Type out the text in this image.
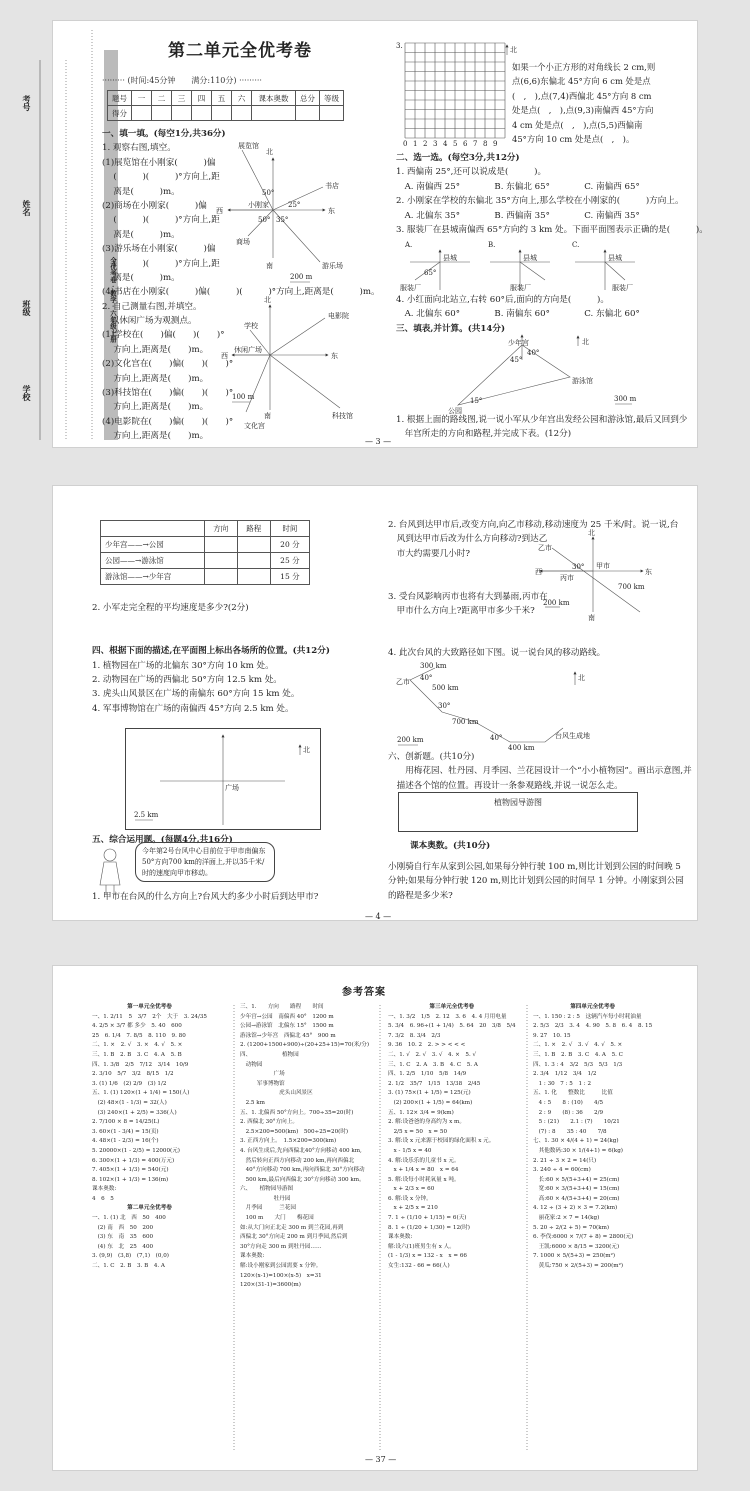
考号
姓名
班级
学校
全优考卷 · 数学 · 六年级上册
第二单元全优考卷
········· (时间:45分钟　　满分:110分) ·········
题号	一	二	三	四	五	六	课本奥数	总分	等级
得分									
一、填一填。(每空1分,共36分)
1. 观察右图,填空。
(1)展览馆在小刚家(　　　)偏
　 (　　　)(　　　)°方向上,距
　 离是(　　　)m。
(2)商场在小刚家(　　　)偏
　 (　　　)(　　　)°方向上,距
　 离是(　　　)m。
(3)游乐场在小刚家(　　　)偏
　 (　　　)(　　　)°方向上,距
　 离是(　　　)m。
(4)书店在小刚家(　　　)偏(　　　)(　　　)°方向上,距离是(　　　)m。
2. 自己测量右图,并填空。
　以休闲广场为观测点。
(1)学校在(　　)偏(　　)(　　)°
　 方向上,距离是(　　)m。
(2)文化宫在(　　)偏(　　)(　　)°
　 方向上,距离是(　　)m。
(3)科技馆在(　　)偏(　　)(　　)°
　 方向上,距离是(　　)m。
(4)电影院在(　　)偏(　　)(　　)°
　 方向上,距离是(　　)m。
如果一个小正方形的对角线长 2 cm,则
点(6,6)东偏北 45°方向 6 cm 处是点
(　,　),点(7,4)西偏北 45°方向 8 cm
处是点(　,　),点(9,3)南偏西 45°方向
4 cm 处是点(　,　),点(5,5)西偏南
45°方向 10 cm 处是点(　,　)。
二、选一选。(每空3分,共12分)
1. 西偏南 25°,还可以说成是(　　　)。
　A. 南偏西 25°　　　　B. 东偏北 65°　　　　C. 南偏西 65°
2. 小刚家在学校的东偏北 35°方向上,那么学校在小刚家的(　　　)方向上。
　A. 北偏东 35°　　　　B. 西偏南 35°　　　　C. 南偏西 35°
3. 服装厂在县城南偏西 65°方向约 3 km 处。下面平面图表示正确的是(　　　)。
4. 小红面向北站立,右转 60°后,面向的方向是(　　　)。
　A. 北偏东 60°　　　　B. 南偏东 60°　　　　C. 东偏北 60°
三、填表,并计算。(共14分)
1. 根据上面的路线图,说一说小军从少年宫出发经公园和游泳馆,最后又回到少
　年宫所走的方向和路程,并完成下表。(12分)
— 3 —
	方向	路程	时间
少年宫——→公园			20 分
公园——→游泳馆			25 分
游泳馆——→少年宫			15 分
2. 小军走完全程的平均速度是多少?(2分)
四、根据下面的描述,在平面图上标出各场所的位置。(共12分)
1. 植物园在广场的北偏东 30°方向 10 km 处。
2. 动物园在广场的西偏北 50°方向 12.5 km 处。
3. 虎头山风景区在广场的南偏东 60°方向 15 km 处。
4. 军事博物馆在广场的南偏西 45°方向 2.5 km 处。
五、综合运用题。(每题4分,共16分)
今年第2号台风中心目前位于甲市南偏东50°方向700 km的洋面上,并以35千米/时的速度向甲市移动。
1. 甲市在台风的什么方向上?台风大约多少小时后到达甲市?
2. 台风到达甲市后,改变方向,向乙市移动,移动速度为 25 千米/时。说一说,台
　风到达甲市后改为什么方向移动?到达乙
　市大约需要几小时?
3. 受台风影响丙市也将有大到暴雨,丙市在
　甲市什么方向上?距离甲市多少千米?
4. 此次台风的大致路径如下图。说一说台风的移动路线。
六、创新题。(共10分)
　　用梅花园、牡丹园、月季园、兰花园设计一个“小小植物园”。画出示意图,并
　描述各个馆的位置。再设计一条参观路线,并说一说怎么走。
植物园导游图
课本奥数。(共10分)
小刚骑自行车从家到公园,如果每分钟行驶 100 m,则比计划到公园的时间晚 5
分钟;如果每分钟行驶 120 m,则比计划到公园的时间早 1 分钟。小刚家到公园
的路程是多少米?
— 4 —
参考答案
第一单元全优考卷
一、1. 2/11　5　3/7　2个　大于　3. 24/35
4. 2/5 × 3/7 都 多少　5. 40　600
25　6. 1/4　7. 8/5　8. 110　9. 80
二、1. ×　2. √　3. ×　4. √　5. ×
三、1. B　2. B　3. C　4. A　5. B
四、1. 3/8　2/5　7/12　3/14　10/9
2. 3/10　5/7　3/2　8/15　1/2
3. (1) 1/6　(2) 2/9　(3) 1/2
五、1. (1) 120×(1 + 1/4) = 150(人)
　(2) 48×(1 - 1/3) = 32(人)
　(3) 240×(1 + 2/5) = 336(人)
2. 7/100 × 8 = 14/25(L)
3. 60×(1 - 3/4) = 15(页)
4. 48×(1 - 2/3) = 16(个)
5. 20000×(1 - 2/5) = 12000(元)
6. 300×(1 + 1/3) = 400(万元)
7. 405×(1 + 1/3) = 540(元)
8. 102×(1 + 1/3) = 136(m)
课本奥数:
4　6　5
第二单元全优考卷
一、1. (1) 北　西　50　400
　(2) 南　西　50　200
　(3) 东　南　35　600
　(4) 东　北　25　400
3. (9,9)　(3,8)　(7,1)　(0,0)
二、1. C　2. B　3. B　4. A
三、1.　　方向　　路程　　时间
少年宫→公园　南偏西 40°　1200 m
公园→游泳馆　北偏东 15°　1500 m
游泳馆→少年宫　西偏北 45°　900 m
2. (1200+1500+900)÷(20+25+15)=70(米/分)
四、　　　　　　植物园
　动物园
　　　　　　广场
　　　军事博物馆
　　　　　　　虎头山风景区
　2.5 km
五、1. 北偏西 50°方向上。700÷35=20(时)
2. 西偏北 30°方向上。
　2.5×200=500(km)　500÷25=20(时)
3. 正西方向上。　1.5×200=300(km)
4. 台风生成后,先向西偏北40°方向移动 400 km,
　然后转向正西方向移动 200 km,再向西偏北
　40°方向移动 700 km,再向西偏北 30°方向移动
　500 km,最后向西偏北 30°方向移动 300 km。
六、　　植物园导游图
　　　　　　牡丹园
　月季园　　　兰花园
　100 m　　大门　　梅花园
如:从大门向正北走 300 m 到兰花园,再到
西偏北 30°方向走 200 m 到月季园,然后到
30°方向走 300 m 到牡丹园……
课本奥数:
解:设小刚家到公园需要 x 分钟。
120×(x-1)=100×(x-5)　x=31
120×(31-1)=3600(m)
第三单元全优考卷
一、1. 3/2　1/5　2. 12　3. 6　4. 4 月用电量
5. 3/4　6. 96÷(1 + 1/4)　5. 64　20　3/8　5/4
7. 3/2　8. 3/4　2/3
9. 36　10. 2　2. > > < < <
二、1. √　2. √　3. √　4. ×　5. √
三、1. C　2. A　3. B　4. C　5. A
四、1. 2/5　1/10　5/8　14/9
2. 1/2　35/7　1/15　13/38　2/45
3. (1) 75×(1 + 1/5) = 125(元)
　(2) 200×(1 + 1/5) = 64(km)
五、1. 12× 3/4 = 9(km)
2. 解:设爸爸的身高约为 x m。
　2/5 x = 50　x = 50
3. 解:设 x 元来源于校园的绿化面积 x 元。
　x - 1/5 x = 40
4. 解:设乐乐的儿童书 x 元。
　x + 1/4 x = 80　x = 64
5. 解:设每小时耗氧量 x 吨。
　x + 2/3 x = 60
6. 解:设 x 分钟。
　x + 2/5 x = 210
7. 1 ÷ (1/10 + 1/15) = 6(天)
8. 1 ÷ (1/20 + 1/30) = 12(时)
课本奥数:
解:设六(1)班男生有 x 人。
(1 - 1/3) x = 132 - x　x = 66
女生:132 - 66 = 66(人)
第四单元全优考卷
一、1. 150 : 2 : 5　这辆汽车每小时耗油量
2. 5/3　2/3　3. 4　4. 90　5. 8　6. 4　8. 15
9. 27　10. 15
二、1. ×　2. √　3. √　4. √　5. ×
三、1. B　2. B　3. C　4. A　5. C
四、1. 3 : 4　3/2　5/3　5/3　1/3
2. 3/4　1/12　3/4　1/2
　1 : 30　7 : 5　1 : 2
五、1. 化　　整数比　　　比值
　4 : 5　　8 : (10)　　4/5
　2 : 9　　(8) : 36　　2/9
　5 : (21)　　2.1 : (7)　　10/21
　(7) : 8　　35 : 40　　7/8
七、1. 30 × 4/(4 + 1) = 24(kg)
　其他数码:30 × 1/(4+1) = 6(kg)
2. 21 ÷ 3 × 2 = 14(只)
3. 240 ÷ 4 = 60(cm)
　长:60 × 5/(5+3+4) = 25(cm)
　宽:60 × 3/(5+3+4) = 15(cm)
　高:60 × 4/(5+3+4) = 20(cm)
4. 12 ÷ (3 + 2) × 3 = 7.2(km)
　丽花家:2 × 7 = 14(kg)
5. 20 ÷ 2/(2 + 5) = 70(km)
6. 李伐:6000 × 7/(7 + 8) = 2800(元)
　王凯:6000 × 8/15 = 3200(元)
7. 1000 × 5/(5+3) = 250(m²)
　黄瓜:750 × 2/(5+3) = 200(m²)
— 37 —
0 1 2 3 4 5 6 7 8 9
北
南
东
西
小刚家
展览馆
书店
商场
游乐场
50°
25°
50° 35°
200 m
北
南
东
西
休闲广场
学校
电影院
文化宫
科技馆
100 m
北
3.
A.	B.	C.
县城	县城	县城
服装厂	服装厂	服装厂
65°
少年宫
公园
游泳馆
40°
45°
15°
北
300 m
广场
北
2.5 km
北
南
东
西
甲市
乙市
丙市
30°
700 km
200 km
乙市
300 km
500 km
700 km
400 km
40°
30°
40°	台风生成地
北
200 km
